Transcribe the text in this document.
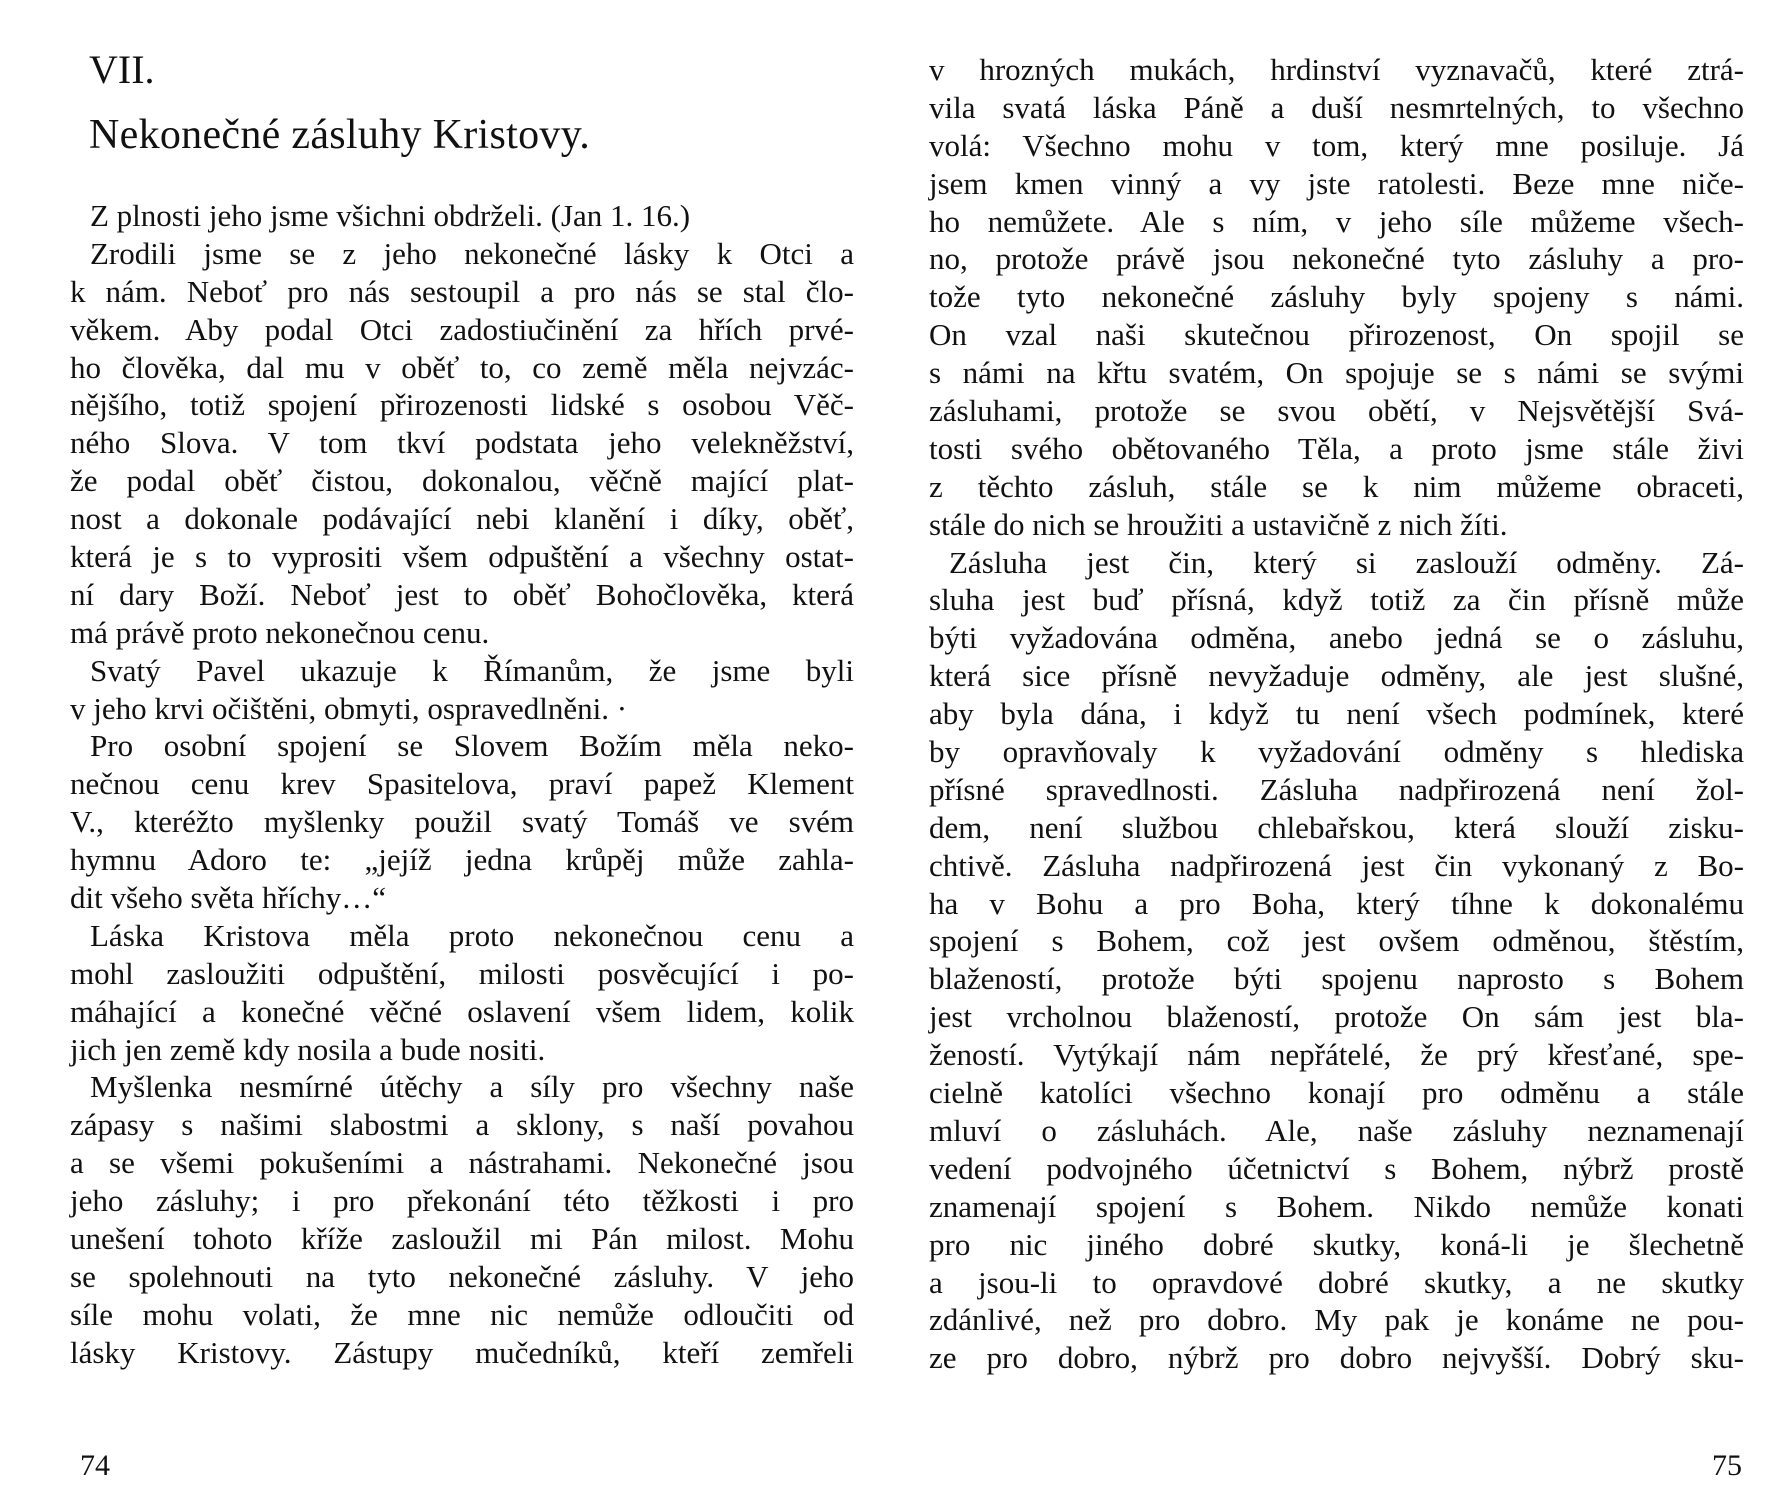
VII.
Nekonečné zásluhy Kristovy.
Z plnosti jeho jsme všichni obdrželi. (Jan 1. 16.)
Zrodili jsme se z jeho nekonečné lásky k Otci a
k nám. Neboť pro nás sestoupil a pro nás se stal člo-
věkem. Aby podal Otci zadostiučinění za hřích prvé-
ho člověka, dal mu v oběť to, co země měla nejvzác-
nějšího, totiž spojení přirozenosti lidské s osobou Věč-
ného Slova. V tom tkví podstata jeho velekněžství,
že podal oběť čistou, dokonalou, věčně mající plat-
nost a dokonale podávající nebi klanění i díky, oběť,
která je s to vyprositi všem odpuštění a všechny ostat-
ní dary Boží. Neboť jest to oběť Bohočlověka, která
má právě proto nekonečnou cenu.
Svatý Pavel ukazuje k Římanům, že jsme byli
v jeho krvi očištěni, obmyti, ospravedlněni. ·
Pro osobní spojení se Slovem Božím měla neko-
nečnou cenu krev Spasitelova, praví papež Klement
V., kteréžto myšlenky použil svatý Tomáš ve svém
hymnu Adoro te: „jejíž jedna krůpěj může zahla-
dit všeho světa hříchy…“
Láska Kristova měla proto nekonečnou cenu a
mohl zasloužiti odpuštění, milosti posvěcující i po-
máhající a konečné věčné oslavení všem lidem, kolik
jich jen země kdy nosila a bude nositi.
Myšlenka nesmírné útěchy a síly pro všechny naše
zápasy s našimi slabostmi a sklony, s naší povahou
a se všemi pokušeními a nástrahami. Nekonečné jsou
jeho zásluhy; i pro překonání této těžkosti i pro
unešení tohoto kříže zasloužil mi Pán milost. Mohu
se spolehnouti na tyto nekonečné zásluhy. V jeho
síle mohu volati, že mne nic nemůže odloučiti od
lásky Kristovy. Zástupy mučedníků, kteří zemřeli
v hrozných mukách, hrdinství vyznavačů, které ztrá-
vila svatá láska Páně a duší nesmrtelných, to všechno
volá: Všechno mohu v tom, který mne posiluje. Já
jsem kmen vinný a vy jste ratolesti. Beze mne niče-
ho nemůžete. Ale s ním, v jeho síle můžeme všech-
no, protože právě jsou nekonečné tyto zásluhy a pro-
tože tyto nekonečné zásluhy byly spojeny s námi.
On vzal naši skutečnou přirozenost, On spojil se
s námi na křtu svatém, On spojuje se s námi se svými
zásluhami, protože se svou obětí, v Nejsvětější Svá-
tosti svého obětovaného Těla, a proto jsme stále živi
z těchto zásluh, stále se k nim můžeme obraceti,
stále do nich se hroužiti a ustavičně z nich žíti.
Zásluha jest čin, který si zaslouží odměny. Zá-
sluha jest buď přísná, když totiž za čin přísně může
býti vyžadována odměna, anebo jedná se o zásluhu,
která sice přísně nevyžaduje odměny, ale jest slušné,
aby byla dána, i když tu není všech podmínek, které
by opravňovaly k vyžadování odměny s hlediska
přísné spravedlnosti. Zásluha nadpřirozená není žol-
dem, není službou chlebařskou, která slouží zisku-
chtivě. Zásluha nadpřirozená jest čin vykonaný z Bo-
ha v Bohu a pro Boha, který tíhne k dokonalému
spojení s Bohem, což jest ovšem odměnou, štěstím,
blažeností, protože býti spojenu naprosto s Bohem
jest vrcholnou blažeností, protože On sám jest bla-
žeností. Vytýkají nám nepřátelé, že prý křesťané, spe-
cielně katolíci všechno konají pro odměnu a stále
mluví o zásluhách. Ale, naše zásluhy neznamenají
vedení podvojného účetnictví s Bohem, nýbrž prostě
znamenají spojení s Bohem. Nikdo nemůže konati
pro nic jiného dobré skutky, koná-li je šlechetně
a jsou-li to opravdové dobré skutky, a ne skutky
zdánlivé, než pro dobro. My pak je konáme ne pou-
ze pro dobro, nýbrž pro dobro nejvyšší. Dobrý sku-
74	75
